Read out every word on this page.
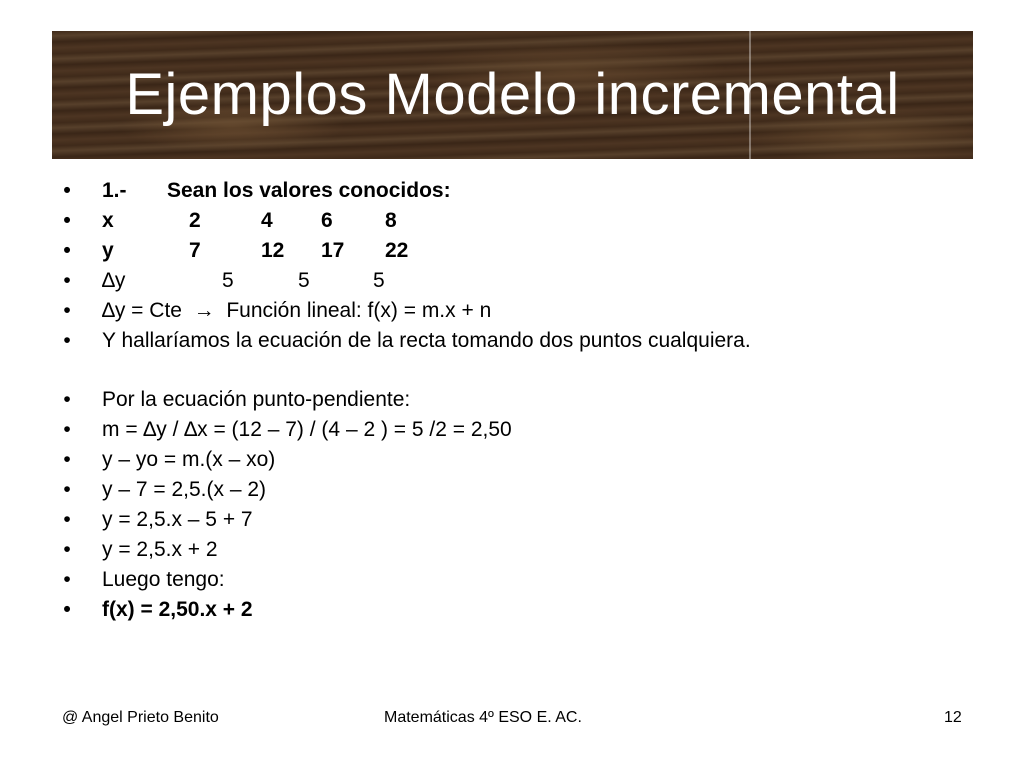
Ejemplos Modelo incremental
• 1.- Sean los valores conocidos:
• x	2	4 6 8
• y	7	12 17 22
• ∆y	5	5	5
• ∆y = Cte → Función lineal: f(x) = m.x + n
• Y hallaríamos la ecuación de la recta tomando dos puntos cualquiera.
• Por la ecuación punto-pendiente:
• m = ∆y / ∆x = (12 – 7) / (4 – 2 ) = 5 /2 = 2,50
• y – yo = m.(x – xo)
• y – 7 = 2,5.(x – 2)
• y = 2,5.x – 5 + 7
• y = 2,5.x + 2
• Luego tengo:
• f(x) = 2,50.x + 2
@ Angel Prieto Benito	Matemáticas 4º ESO E. AC.	12
